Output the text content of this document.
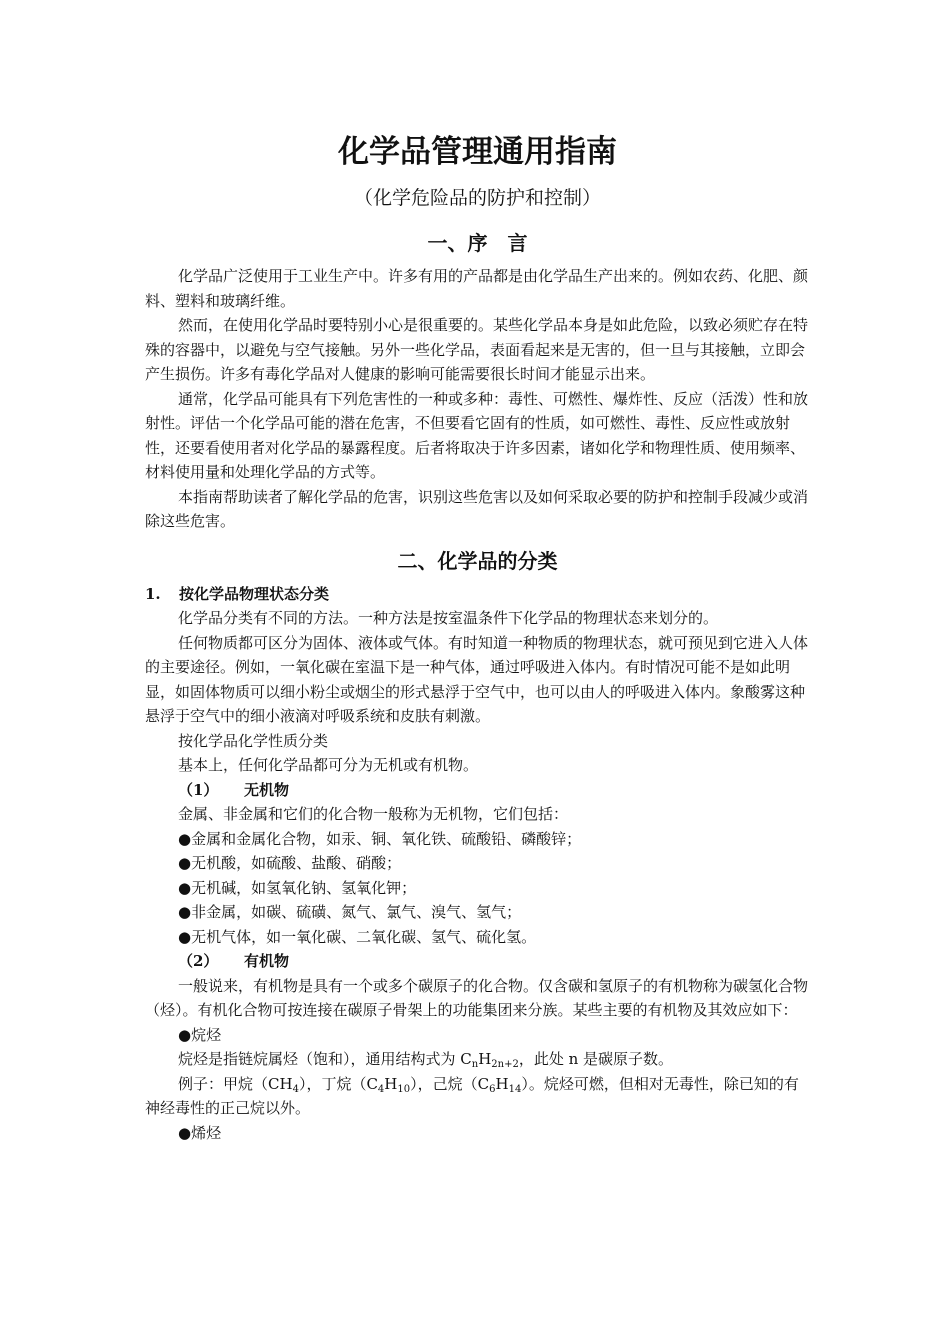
化学品管理通用指南
（化学危险品的防护和控制）
一、序　言

化学品广泛使用于工业生产中。许多有用的产品都是由化学品生产出来的。例如农药、化肥、颜料、塑料和玻璃纤维。

然而，在使用化学品时要特别小心是很重要的。某些化学品本身是如此危险，以致必须贮存在特殊的容器中，以避免与空气接触。另外一些化学品，表面看起来是无害的，但一旦与其接触，立即会产生损伤。许多有毒化学品对人健康的影响可能需要很长时间才能显示出来。

通常，化学品可能具有下列危害性的一种或多种：毒性、可燃性、爆炸性、反应（活泼）性和放射性。评估一个化学品可能的潜在危害，不但要看它固有的性质，如可燃性、毒性、反应性或放射性，还要看使用者对化学品的暴露程度。后者将取决于许多因素，诸如化学和物理性质、使用频率、材料使用量和处理化学品的方式等。

本指南帮助读者了解化学品的危害，识别这些危害以及如何采取必要的防护和控制手段减少或消除这些危害。

二、化学品的分类
1. 按化学品物理状态分类

化学品分类有不同的方法。一种方法是按室温条件下化学品的物理状态来划分的。

任何物质都可区分为固体、液体或气体。有时知道一种物质的物理状态，就可预见到它进入人体的主要途径。例如，一氧化碳在室温下是一种气体，通过呼吸进入体内。有时情况可能不是如此明显，如固体物质可以细小粉尘或烟尘的形式悬浮于空气中，也可以由人的呼吸进入体内。象酸雾这种悬浮于空气中的细小液滴对呼吸系统和皮肤有刺激。

按化学品化学性质分类

基本上，任何化学品都可分为无机或有机物。

（1） 无机物

金属、非金属和它们的化合物一般称为无机物，它们包括：

●金属和金属化合物，如汞、铜、氧化铁、硫酸铅、磷酸锌；
●无机酸，如硫酸、盐酸、硝酸；
●无机碱，如氢氧化钠、氢氧化钾；
●非金属，如碳、硫磺、氮气、氯气、溴气、氢气；
●无机气体，如一氧化碳、二氧化碳、氢气、硫化氢。
（2） 有机物

一般说来，有机物是具有一个或多个碳原子的化合物。仅含碳和氢原子的有机物称为碳氢化合物（烃）。有机化合物可按连接在碳原子骨架上的功能集团来分族。某些主要的有机物及其效应如下：

●烷烃

烷烃是指链烷属烃（饱和），通用结构式为 $C_nH_{2n+2}$，此处 n 是碳原子数。

例子：甲烷$(CH_4)$，丁烷$(C_4H_{10})$，己烷$(C_6H_{14})$。烷烃可燃，但相对无毒性，除已知的有神经毒性的正己烷以外。

●烯烃
